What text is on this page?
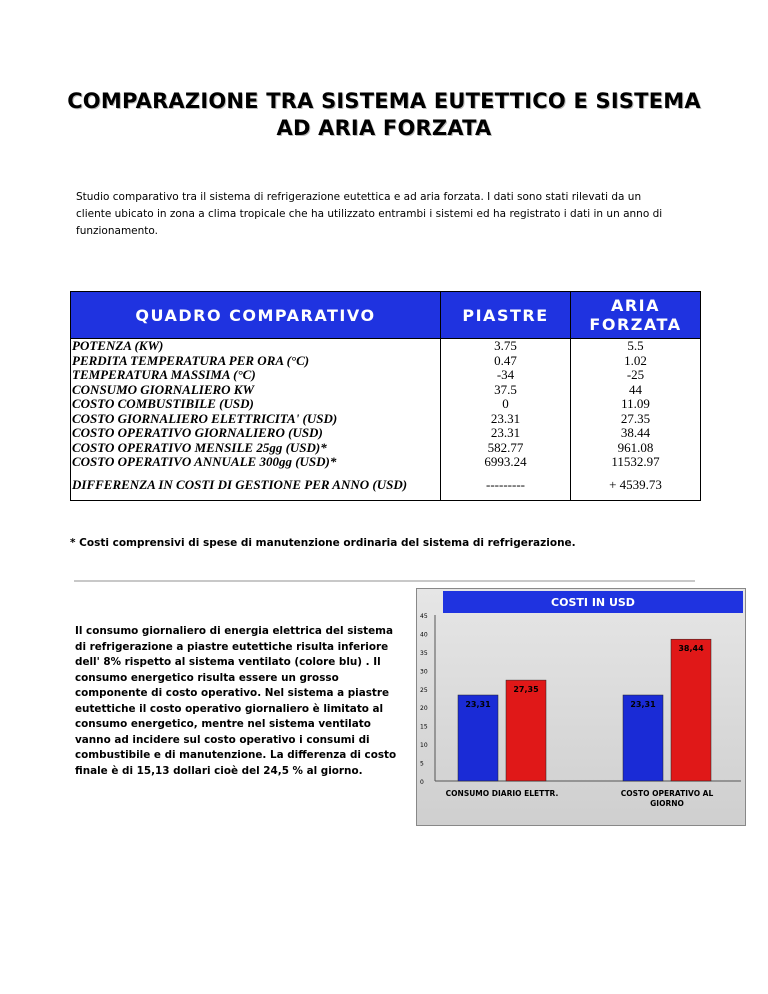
COMPARAZIONE TRA SISTEMA EUTETTICO E SISTEMA
AD ARIA FORZATA
Studio comparativo tra il sistema di refrigerazione eutettica e ad aria forzata. I dati sono stati rilevati da un cliente ubicato in zona a clima tropicale che ha utilizzato entrambi i sistemi ed ha registrato i dati in un anno di funzionamento.
QUADRO COMPARATIVO	PIASTRE	ARIA FORZATA
POTENZA (KW)	3.75	5.5
PERDITA TEMPERATURA PER ORA (°C)	0.47	1.02
TEMPERATURA MASSIMA (°C)	-34	-25
CONSUMO GIORNALIERO KW	37.5	44
COSTO COMBUSTIBILE (USD)	0	11.09
COSTO GIORNALIERO ELETTRICITA' (USD)	23.31	27.35
COSTO OPERATIVO GIORNALIERO (USD)	23.31	38.44
COSTO OPERATIVO MENSILE 25gg (USD)*	582.77	961.08
COSTO OPERATIVO ANNUALE 300gg (USD)*	6993.24	11532.97
DIFFERENZA IN COSTI DI GESTIONE PER ANNO (USD)	---------	+ 4539.73
* Costi comprensivi di spese di manutenzione ordinaria del sistema di refrigerazione.
Il consumo giornaliero di energia elettrica del sistema di refrigerazione a piastre eutettiche risulta inferiore dell' 8% rispetto al sistema ventilato (colore blu) . Il consumo energetico risulta essere un grosso componente di costo operativo. Nel sistema a piastre eutettiche il costo operativo giornaliero è limitato al consumo energetico, mentre nel sistema ventilato vanno ad incidere sul costo operativo i consumi di combustibile e di manutenzione. La differenza di costo finale è di 15,13 dollari cioè del 24,5 % al giorno.
COSTI IN USD
0
5
10
15
20
25
30
35
40
45
23,31
27,35
CONSUMO DIARIO ELETTR.
23,31
38,44
COSTO OPERATIVO AL
GIORNO
